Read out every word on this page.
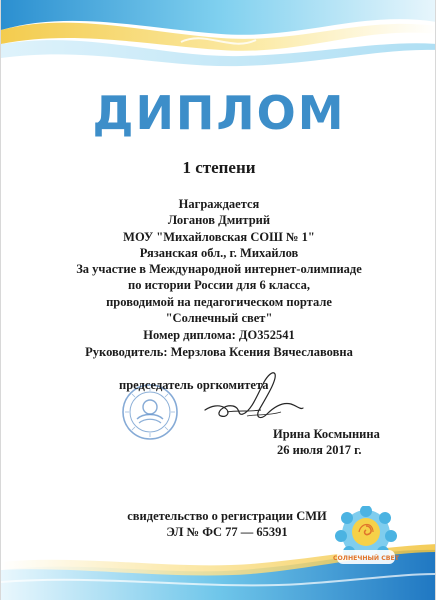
ДИПЛОМ
1 степени
Награждается
Логанов Дмитрий
МОУ "Михайловская СОШ № 1"
Рязанская обл., г. Михайлов
За участие в Международной интернет-олимпиаде
по истории России для 6 класса,
проводимой на педагогическом портале
"Солнечный свет"
Номер диплома: ДО352541
Руководитель: Мерзлова Ксения Вячеславовна
председатель оргкомитета
Ирина Космынина
26 июля 2017 г.
свидетельство о регистрации СМИ
ЭЛ № ФС 77 — 65391
СОЛНЕЧНЫЙ СВЕТ
